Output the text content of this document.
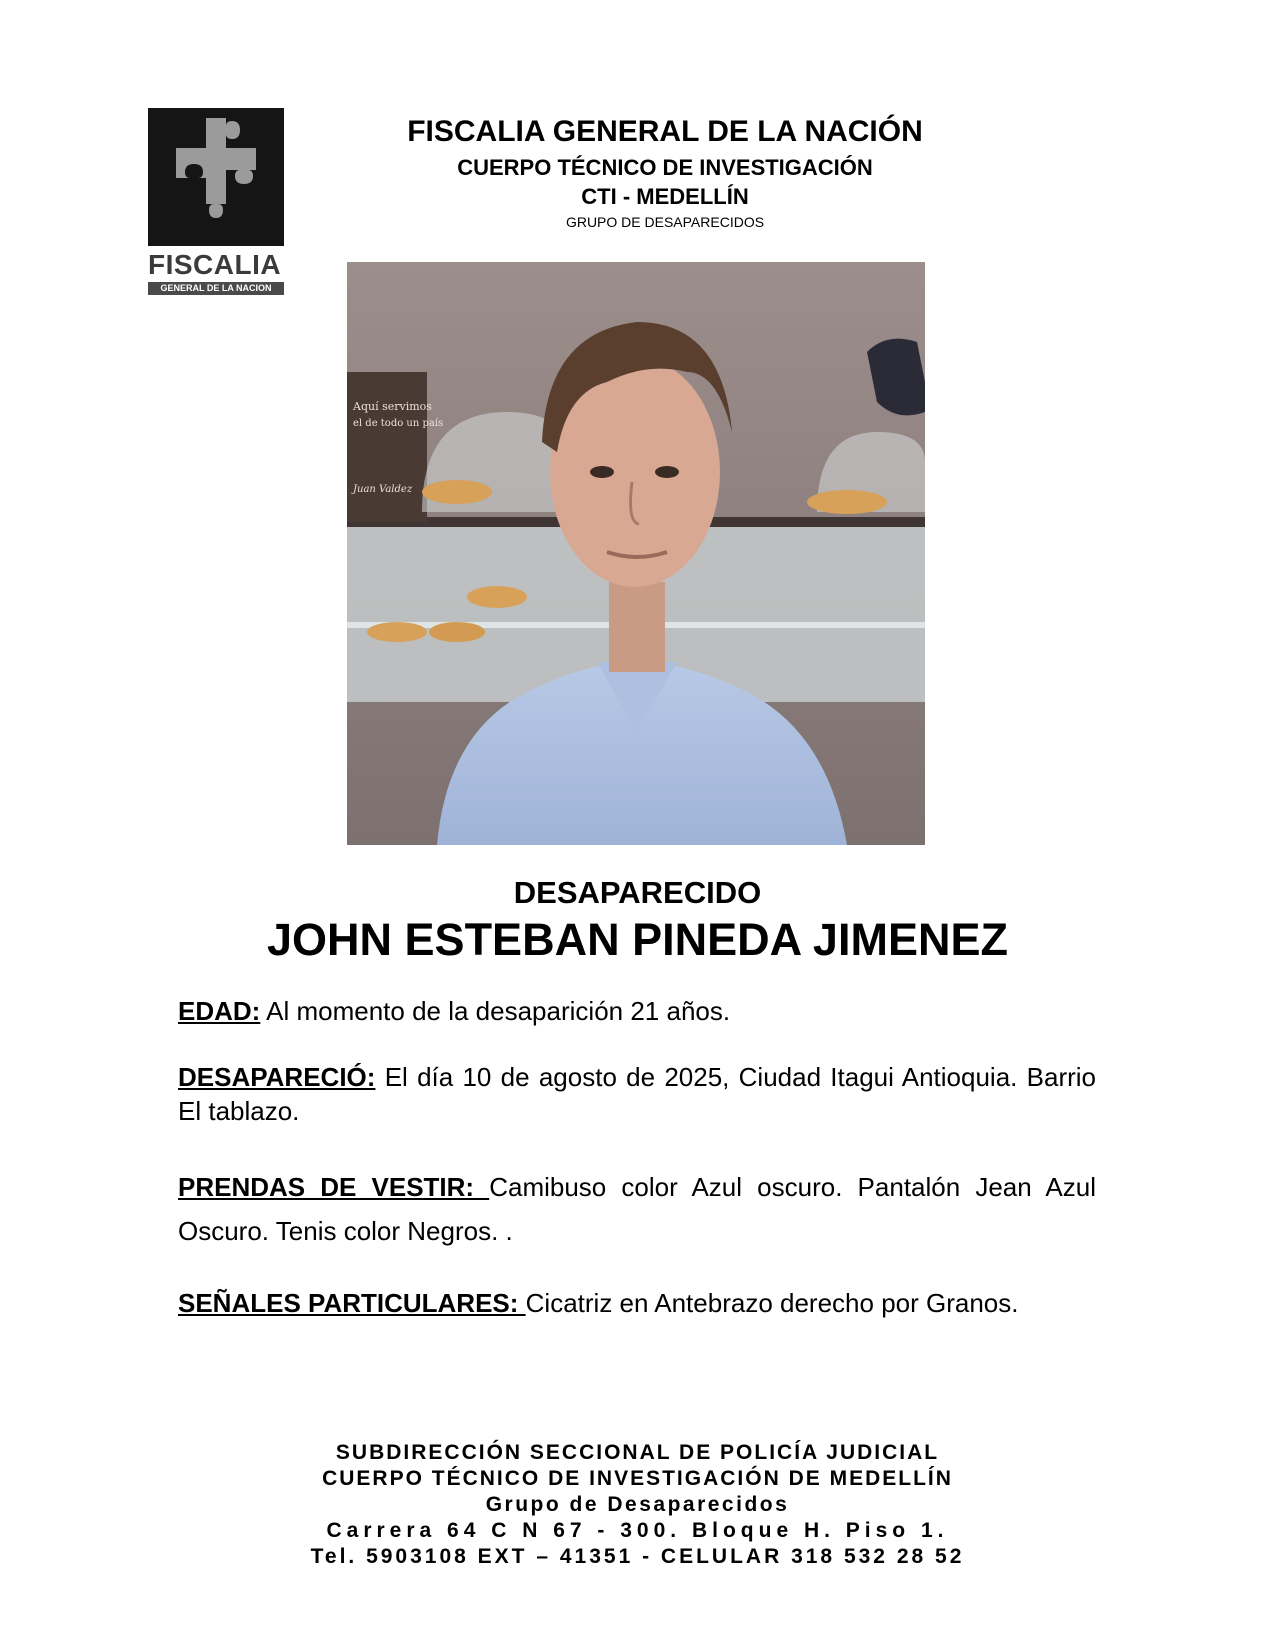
FISCALIA
GENERAL DE LA NACION
FISCALIA GENERAL DE LA NACIÓN
CUERPO TÉCNICO DE INVESTIGACIÓN
CTI - MEDELLÍN
GRUPO DE DESAPARECIDOS
Aquí servimos
el de todo un país
Juan Valdez
DESAPARECIDO
JOHN ESTEBAN PINEDA JIMENEZ
EDAD: Al momento de la desaparición 21 años.
DESAPARECIÓ: El día 10 de agosto de 2025, Ciudad Itagui Antioquia. Barrio El tablazo.
PRENDAS DE VESTIR: Camibuso color Azul oscuro. Pantalón Jean Azul Oscuro. Tenis color Negros. .
SEÑALES PARTICULARES: Cicatriz en Antebrazo derecho por Granos.
SUBDIRECCIÓN SECCIONAL DE POLICÍA JUDICIAL
CUERPO TÉCNICO DE INVESTIGACIÓN DE MEDELLÍN
Grupo de Desaparecidos
Carrera 64 C N 67 - 300. Bloque H. Piso 1.
Tel. 5903108 EXT – 41351 - CELULAR 318 532 28 52
